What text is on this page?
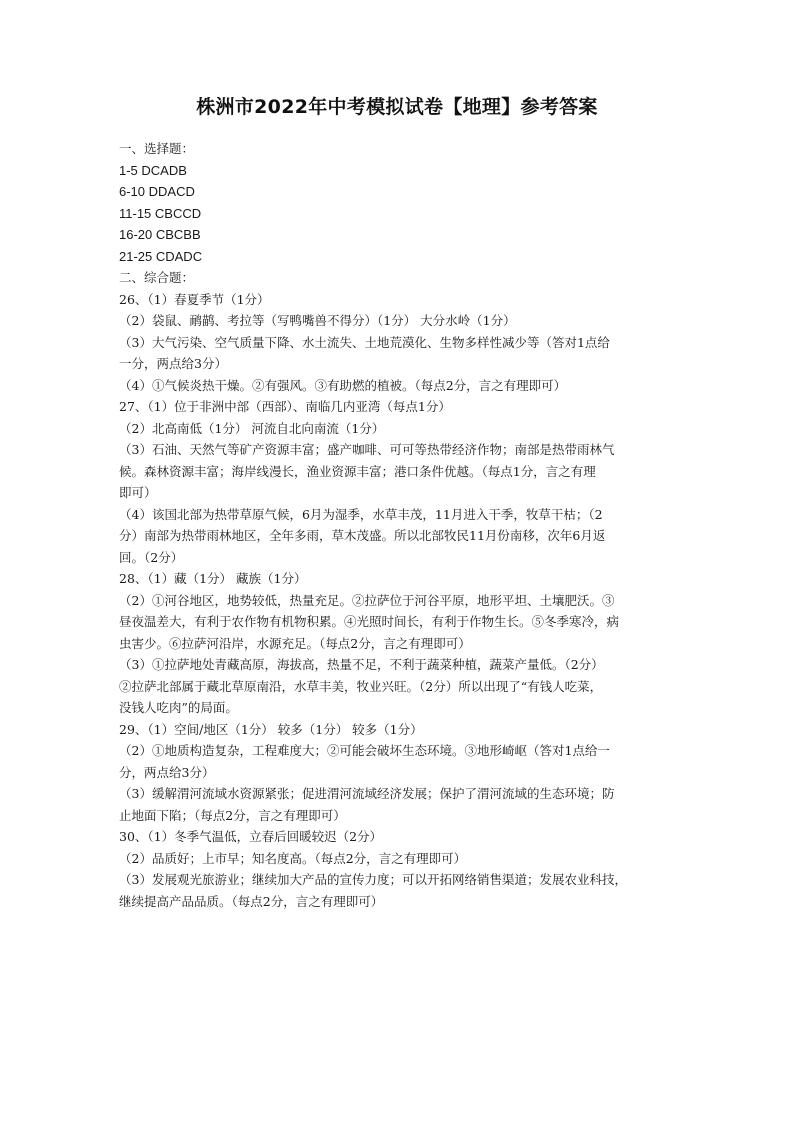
株洲市2022年中考模拟试卷【地理】参考答案
一、选择题：
1-5 DCADB
6-10 DDACD
11-15 CBCCD
16-20 CBCBB
21-25 CDADC
二、综合题：
26、（1）春夏季节（1分）
（2）袋鼠、鸸鹋、考拉等（写鸭嘴兽不得分）（1分） 大分水岭（1分）
（3）大气污染、空气质量下降、水土流失、土地荒漠化、生物多样性减少等（答对1点给
一分，两点给3分）
（4）①气候炎热干燥。②有强风。③有助燃的植被。（每点2分，言之有理即可）
27、（1）位于非洲中部（西部）、南临几内亚湾（每点1分）
（2）北高南低（1分） 河流自北向南流（1分）
（3）石油、天然气等矿产资源丰富；盛产咖啡、可可等热带经济作物；南部是热带雨林气
候。森林资源丰富；海岸线漫长，渔业资源丰富；港口条件优越。（每点1分，言之有理
即可）
（4）该国北部为热带草原气候，6月为湿季，水草丰茂，11月进入干季，牧草干枯；（2
分）南部为热带雨林地区，全年多雨，草木茂盛。所以北部牧民11月份南移，次年6月返
回。（2分）
28、（1）藏（1分） 藏族（1分）
（2）①河谷地区，地势较低，热量充足。②拉萨位于河谷平原，地形平坦、土壤肥沃。③
昼夜温差大，有利于农作物有机物积累。④光照时间长，有利于作物生长。⑤冬季寒冷，病
虫害少。⑥拉萨河沿岸，水源充足。（每点2分，言之有理即可）
（3）①拉萨地处青藏高原，海拔高，热量不足，不利于蔬菜种植，蔬菜产量低。（2分）
②拉萨北部属于藏北草原南沿，水草丰美，牧业兴旺。（2分）所以出现了“有钱人吃菜，
没钱人吃肉”的局面。
29、（1）空间/地区（1分） 较多（1分） 较多（1分）
（2）①地质构造复杂，工程难度大；②可能会破坏生态环境。③地形崎岖（答对1点给一
分，两点给3分）
（3）缓解渭河流域水资源紧张；促进渭河流域经济发展；保护了渭河流域的生态环境；防
止地面下陷；（每点2分，言之有理即可）
30、（1）冬季气温低，立春后回暖较迟（2分）
（2）品质好；上市早；知名度高。（每点2分，言之有理即可）
（3）发展观光旅游业；继续加大产品的宣传力度；可以开拓网络销售渠道；发展农业科技，
继续提高产品品质。（每点2分，言之有理即可）
